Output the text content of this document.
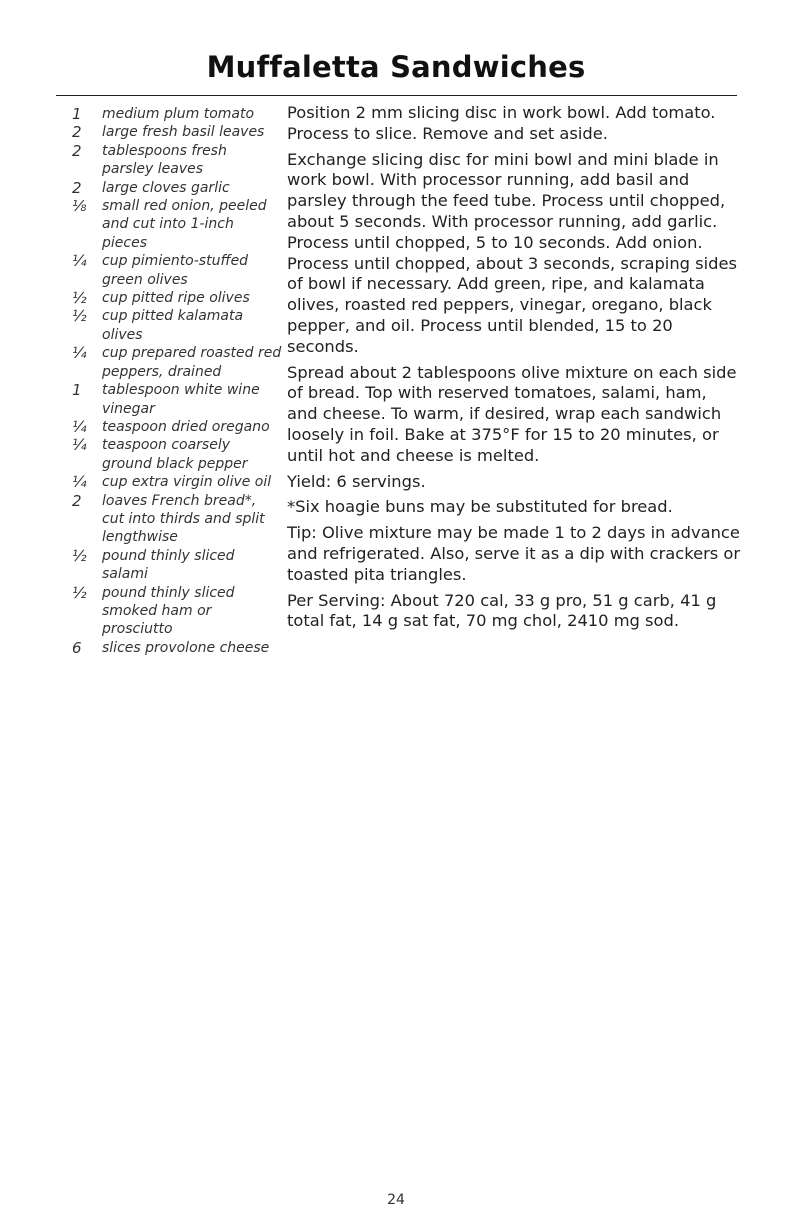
Muffaletta Sandwiches
1	medium plum tomato
2	large fresh basil leaves
2	tablespoons fresh parsley leaves
2	large cloves garlic
⅛	small red onion, peeled and cut into 1-inch pieces
¼	cup pimiento-stuffed green olives
½	cup pitted ripe olives
½	cup pitted kalamata olives
¼	cup prepared roasted red peppers, drained
1	tablespoon white wine vinegar
¼	teaspoon dried oregano
¼	teaspoon coarsely ground black pepper
¼	cup extra virgin olive oil
2	loaves French bread*, cut into thirds and split lengthwise
½	pound thinly sliced salami
½	pound thinly sliced smoked ham or prosciutto
6	slices provolone cheese

Position 2 mm slicing disc in work bowl. Add tomato. Process to slice. Remove and set aside.

Exchange slicing disc for mini bowl and mini blade in work bowl. With processor running, add basil and parsley through the feed tube. Process until chopped, about 5 seconds. With processor running, add garlic. Process until chopped, 5 to 10 seconds. Add onion. Process until chopped, about 3 seconds, scraping sides of bowl if necessary. Add green, ripe, and kalamata olives, roasted red peppers, vinegar, oregano, black pepper, and oil. Process until blended, 15 to 20 seconds.

Spread about 2 tablespoons olive mixture on each side of bread. Top with reserved tomatoes, salami, ham, and cheese. To warm, if desired, wrap each sandwich loosely in foil. Bake at 375°F for 15 to 20 minutes, or until hot and cheese is melted.

Yield: 6 servings.

*Six hoagie buns may be substituted for bread.

Tip: Olive mixture may be made 1 to 2 days in advance and refrigerated. Also, serve it as a dip with crackers or toasted pita triangles.

Per Serving: About 720 cal, 33 g pro, 51 g carb, 41 g total fat, 14 g sat fat, 70 mg chol, 2410 mg sod.

24
